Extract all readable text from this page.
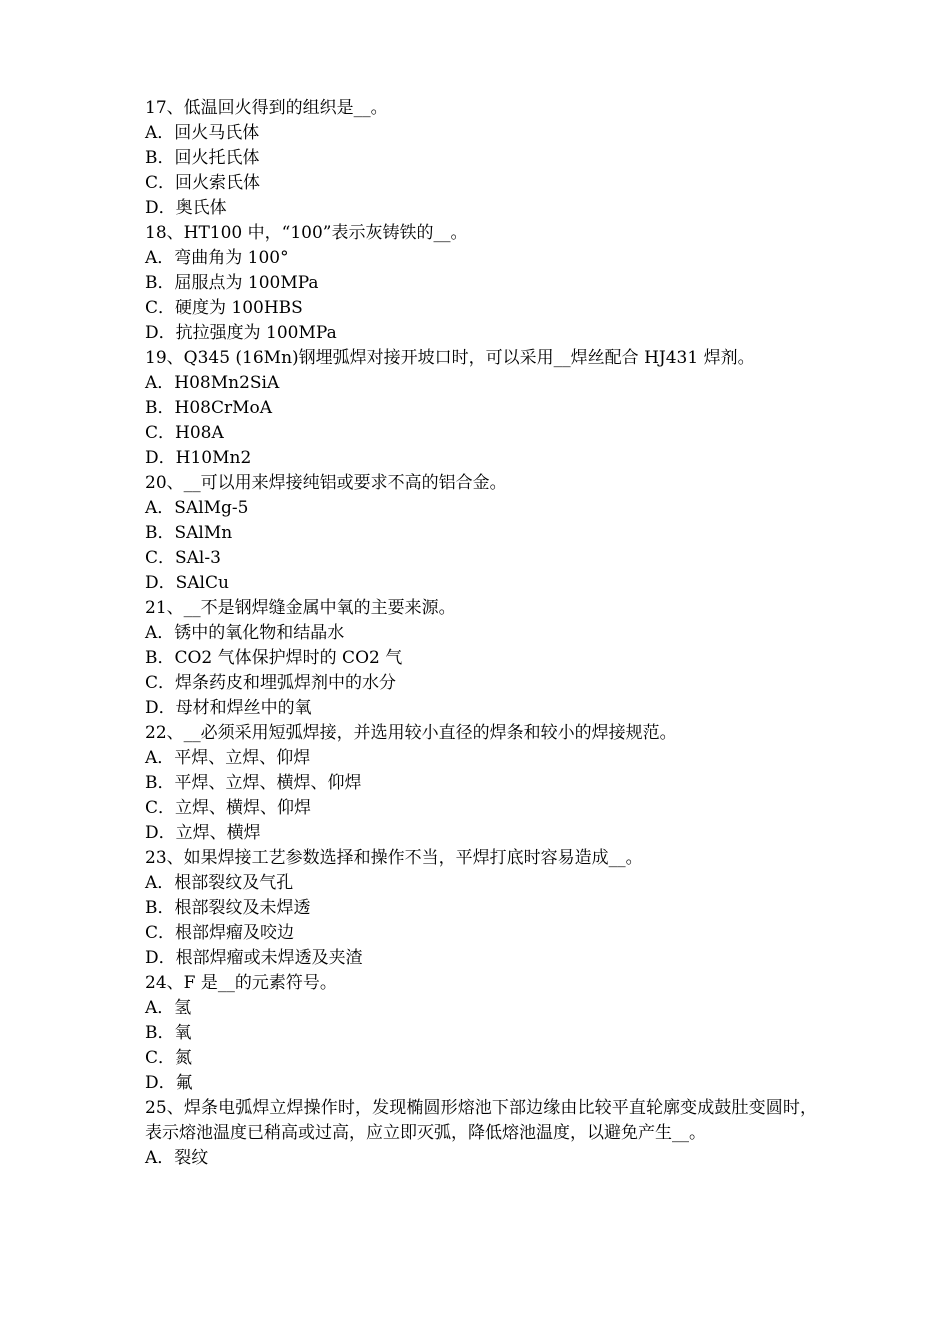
17、低温回火得到的组织是__。
A．回火马氏体
B．回火托氏体
C．回火索氏体
D．奥氏体
18、HT100 中，“100”表示灰铸铁的__。
A．弯曲角为 100°
B．屈服点为 100MPa
C．硬度为 100HBS
D．抗拉强度为 100MPa
19、Q345 (16Mn)钢埋弧焊对接开坡口时，可以采用__焊丝配合 HJ431 焊剂。
A．H08Mn2SiA
B．H08CrMoA
C．H08A
D．H10Mn2
20、__可以用来焊接纯铝或要求不高的铝合金。
A．SAlMg-5
B．SAlMn
C．SAl-3
D．SAlCu
21、__不是钢焊缝金属中氧的主要来源。
A．锈中的氧化物和结晶水
B．CO2 气体保护焊时的 CO2 气
C．焊条药皮和埋弧焊剂中的水分
D．母材和焊丝中的氧
22、__必须采用短弧焊接，并选用较小直径的焊条和较小的焊接规范。
A．平焊、立焊、仰焊
B．平焊、立焊、横焊、仰焊
C．立焊、横焊、仰焊
D．立焊、横焊
23、如果焊接工艺参数选择和操作不当，平焊打底时容易造成__。
A．根部裂纹及气孔
B．根部裂纹及未焊透
C．根部焊瘤及咬边
D．根部焊瘤或未焊透及夹渣
24、F 是__的元素符号。
A．氢
B．氧
C．氮
D．氟
25、焊条电弧焊立焊操作时，发现椭圆形熔池下部边缘由比较平直轮廓变成鼓肚变圆时，表示熔池温度已稍高或过高，应立即灭弧，降低熔池温度，以避免产生__。
A．裂纹
